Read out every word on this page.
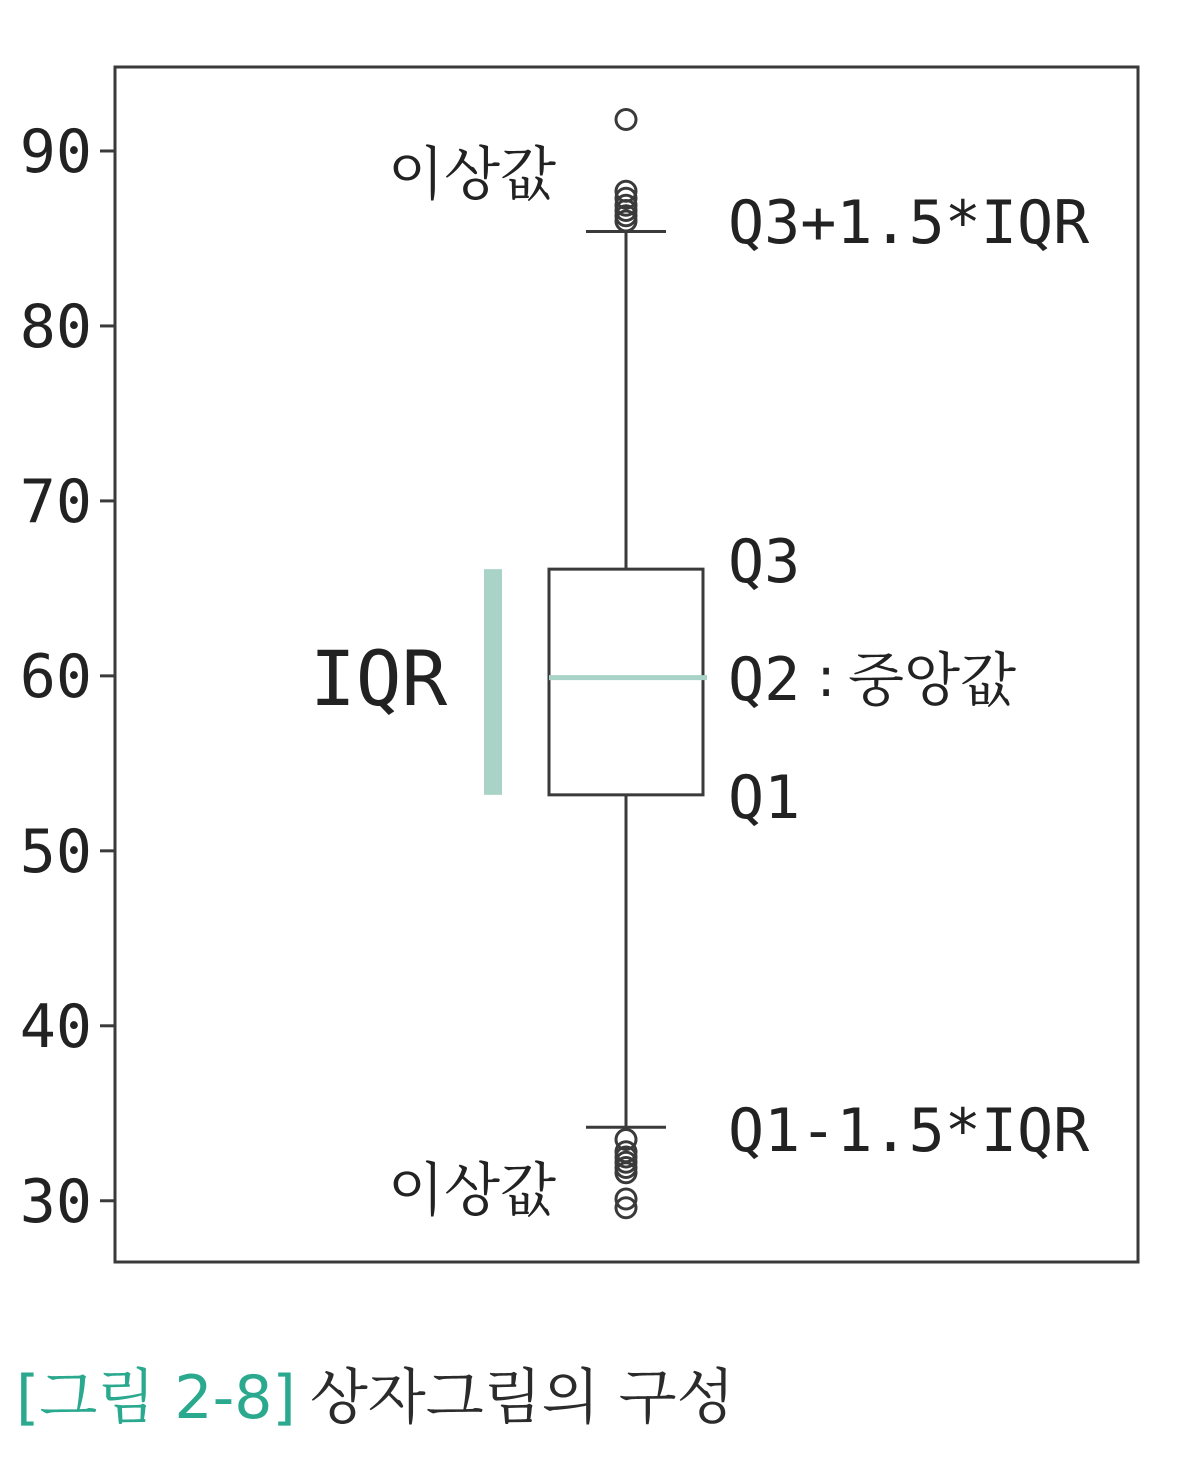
30
40
50
60
70
80
90	이상값
Q3+1.5*IQR
Q3
Q2 : 중앙값
Q1
IQR
Q1-1.5*IQR
이상값
[그림 2-8] 상자그림의 구성
